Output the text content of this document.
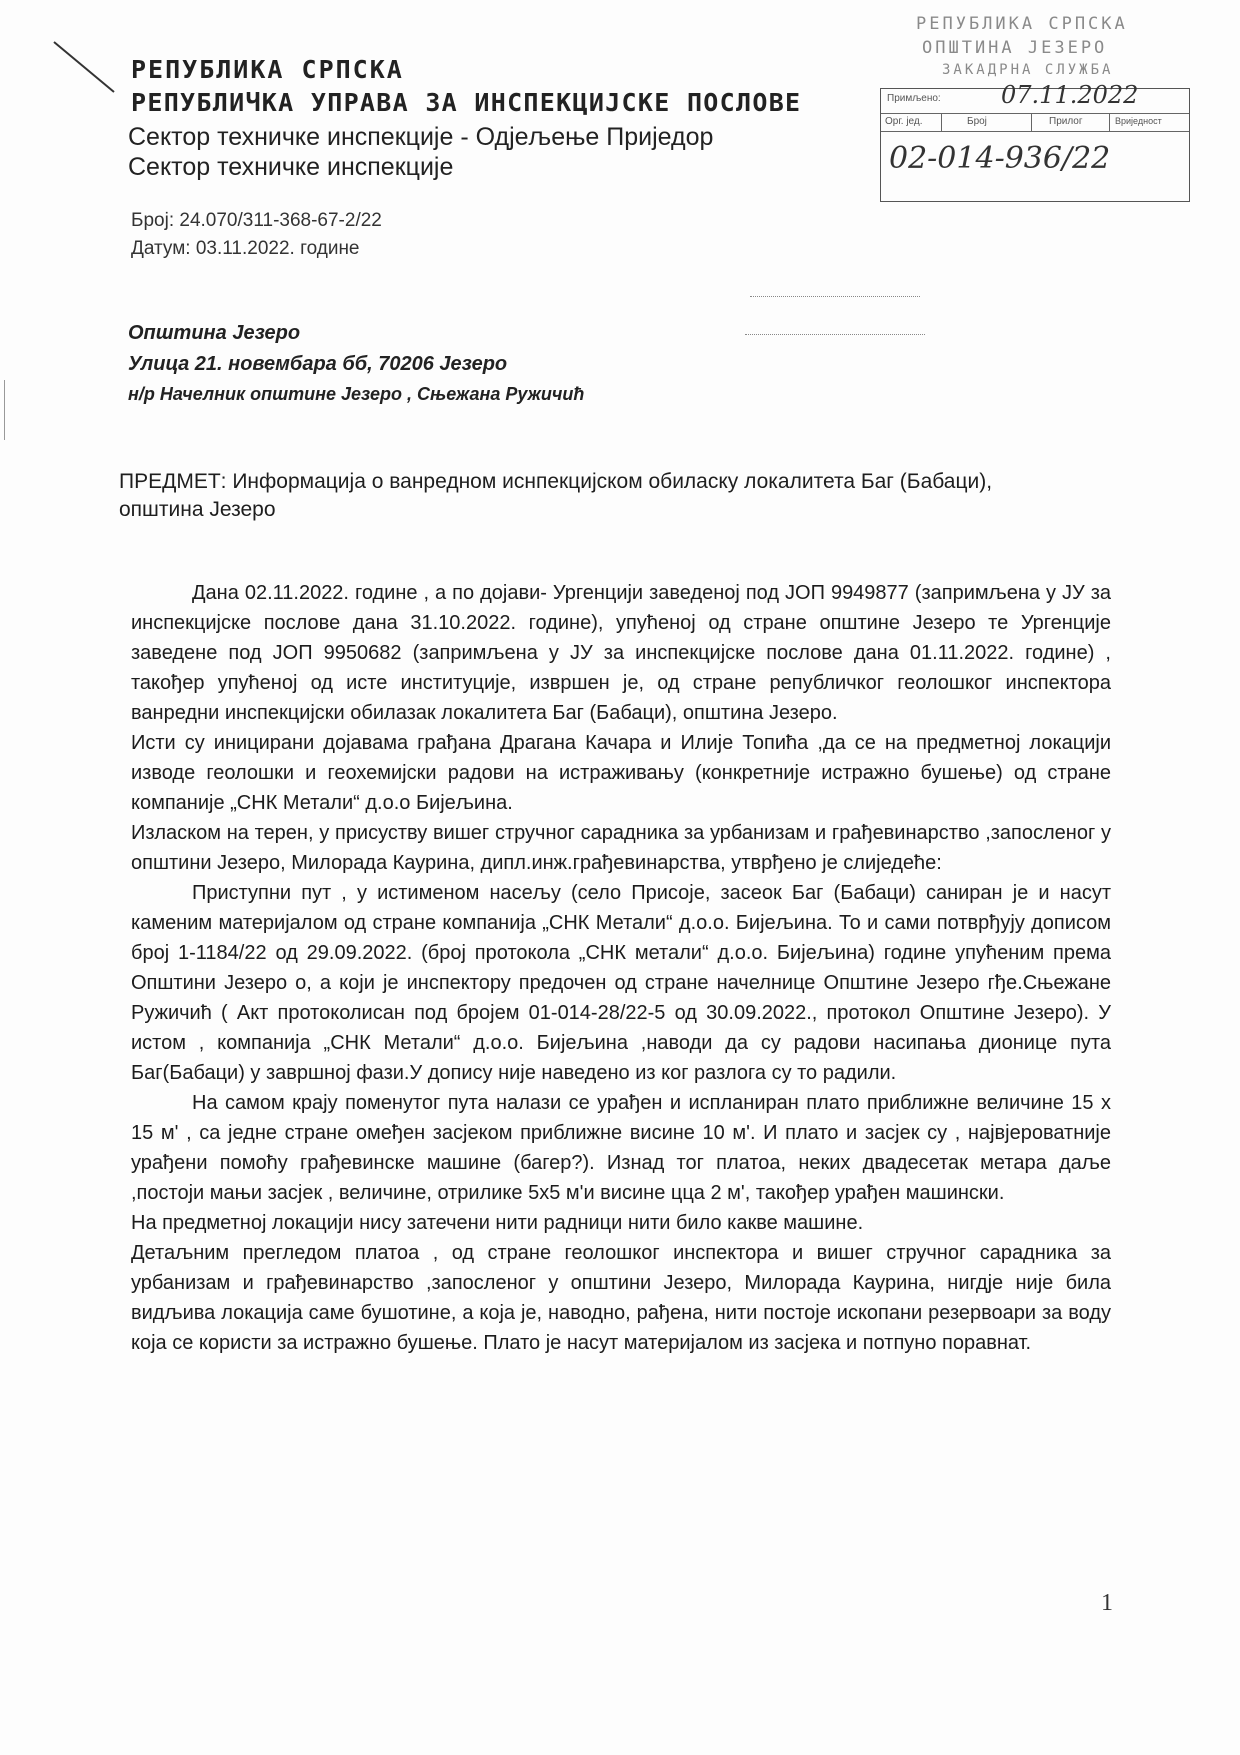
РЕПУБЛИКА СРПСКА
РЕПУБЛИЧКА УПРАВА ЗА ИНСПЕКЦИЈСКЕ ПОСЛОВЕ
Сектор техничке инспекције - Одјељење Приједор
Сектор техничке инспекције
РЕПУБЛИКА СРПСКА
ОПШТИНА ЈЕЗЕРО
ЗАКАДРНА СЛУЖБА
Примљено:	07.11.2022
Орг. јед.	Број	Прилог	Вриједност
02-014-936/22
Број: 24.070/311-368-67-2/22
Датум: 03.11.2022. године
Општина Језеро
Улица 21. новембара бб, 70206 Језеро
н/р Начелник општине Језеро , Сњежана Ружичић
ПРЕДМЕТ: Информација о ванредном иснпекцијском обиласку локалитета Баг (Бабаци),
општина Језеро

Дана 02.11.2022. године , а по дојави- Ургенцији заведеној под ЈОП 9949877 (запримљена у ЈУ за инспекцијске послове дана 31.10.2022. године), упућеној од стране општине Језеро те Ургенције заведене под ЈОП 9950682 (запримљена у ЈУ за инспекцијске послове дана 01.11.2022. године) , такођер упућеној од исте институције, извршен је, од стране републичког геолошког инспектора ванредни инспекцијски обилазак локалитета Баг (Бабаци), општина Језеро.

Исти су иницирани дојавама грађана Драгана Качара и Илије Топића ,да се на предметној локацији изводе геолошки и геохемијски радови на истраживању (конкретније истражно бушење) од стране компаније „СНК Метали“ д.о.о Бијељина.

Изласком на терен, у присуству вишег стручног сарадника за урбанизам и грађевинарство ,запосленог у општини Језеро, Милорада Каурина, дипл.инж.грађевинарства, утврђено је слиједеће:

Приступни пут , у истименом насељу (село Присоје, засеок Баг (Бабаци) саниран је и насут каменим материјалом од стране компанија „СНК Метали“ д.о.о. Бијељина. То и сами потврђују дописом број 1-1184/22 од 29.09.2022. (број протокола „СНК метали“ д.о.о. Бијељина) године упућеним према Општини Језеро о, а који је инспектору предочен од стране начелнице Општине Језеро гђе.Сњежане Ружичић ( Акт протоколисан под бројем 01-014-28/22-5 од 30.09.2022., протокол Општине Језеро). У истом , компанија „СНК Метали“ д.о.о. Бијељина ,наводи да су радови насипања дионице пута Баг(Бабаци) у завршној фази.У допису није наведено из ког разлога су то радили.

На самом крају поменутог пута налази се урађен и испланиран плато приближне величине 15 x 15 м' , са једне стране омеђен засјеком приближне висине 10 м'. И плато и засјек су , највјероватније урађени помоћу грађевинске машине (багер?). Изнад тог платоа, неких двадесетак метара даље ,постоји мањи засјек , величине, отрилике 5x5 м'и висине цца 2 м', такођер урађен машински.

На предметној локацији нису затечени нити радници нити било какве машине.

Детаљним прегледом платоа , од стране геолошког инспектора и вишег стручног сарадника за урбанизам и грађевинарство ,запосленог у општини Језеро, Милорада Каурина, нигдје није била видљива локација саме бушотине, а која је, наводно, рађена, нити постоје ископани резервоари за воду која се користи за истражно бушење. Плато је насут материјалом из засјека и потпуно поравнат.

1
